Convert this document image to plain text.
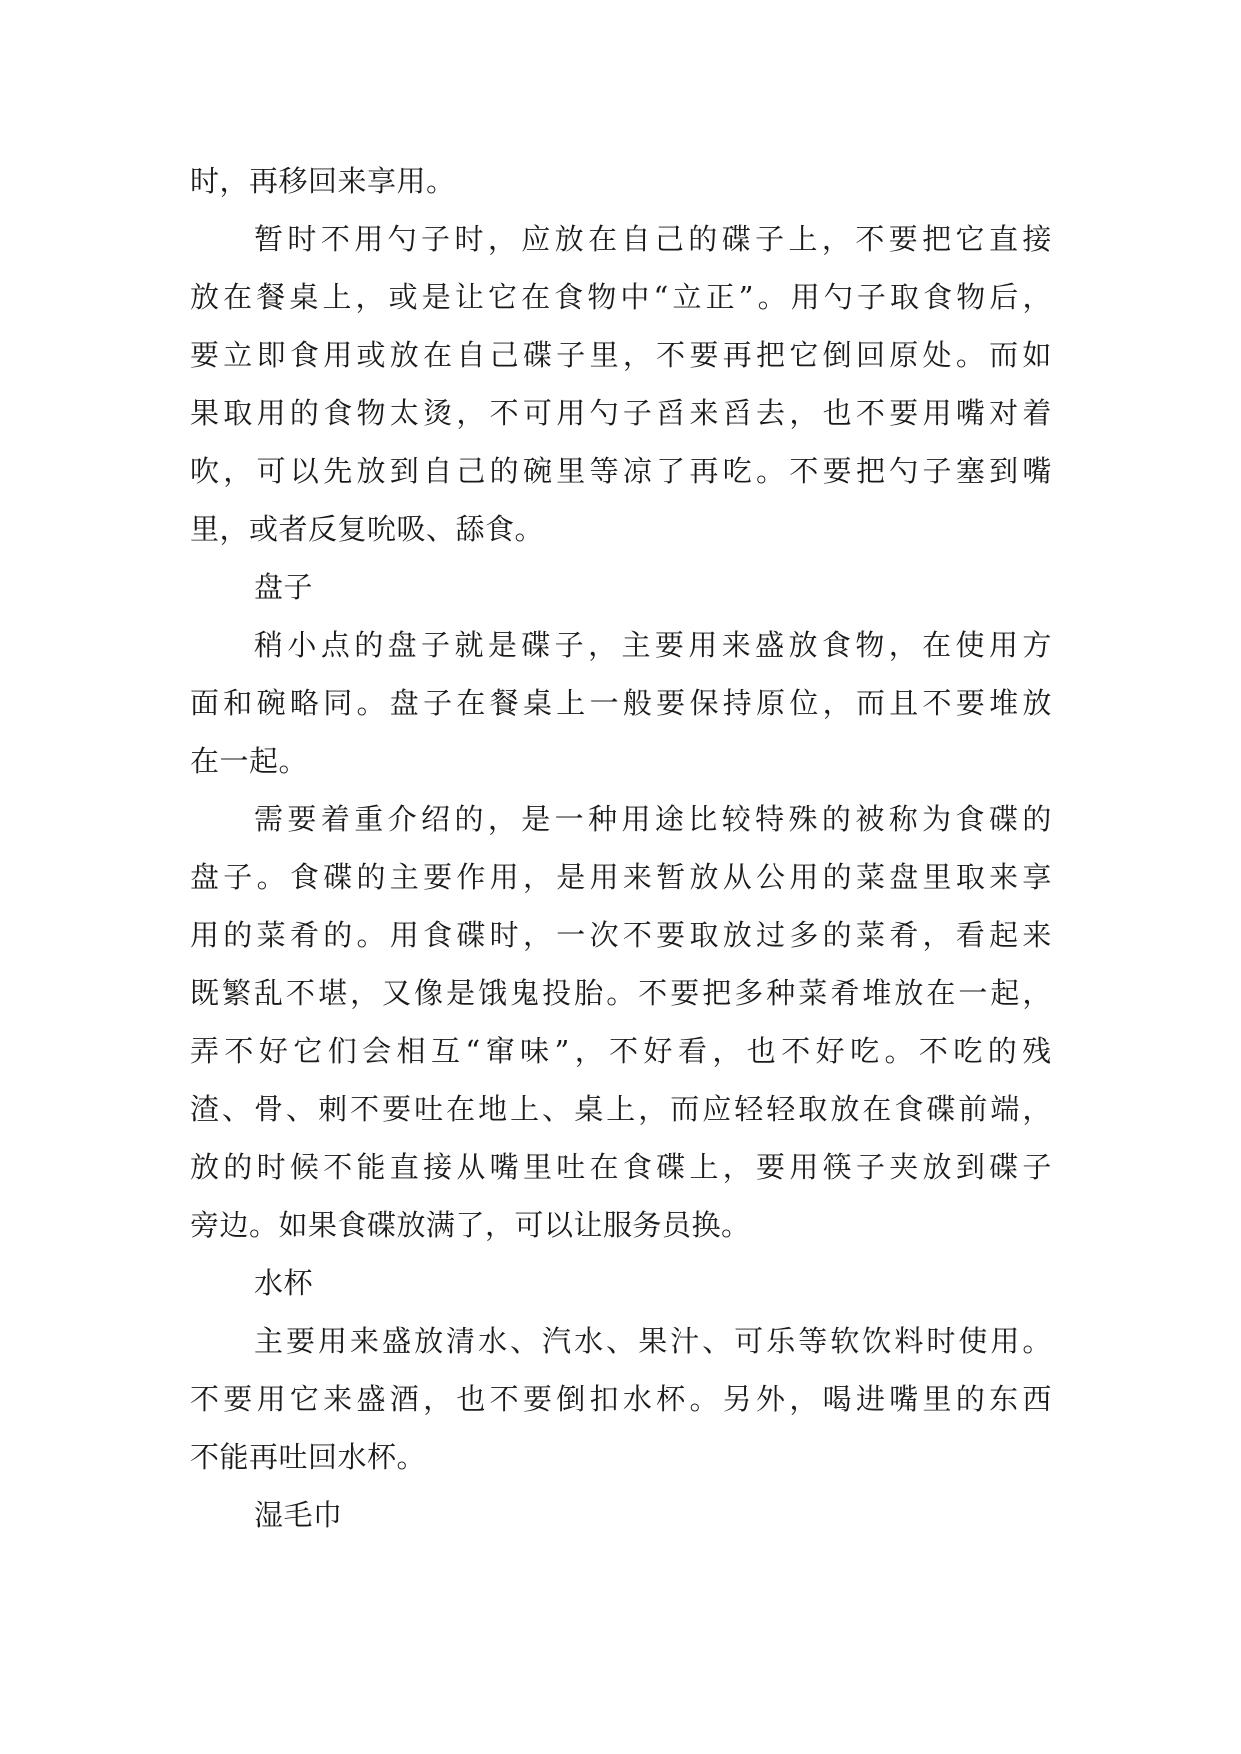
时，再移回来享用。
暂 时 不 用 勺 子 时 ， 应 放 在 自 己 的 碟 子 上 ， 不 要 把 它 直 接
放 在 餐 桌 上 ， 或 是 让 它 在 食 物 中 “ 立 正 ” 。 用 勺 子 取 食 物 后 ，
要 立 即 食 用 或 放 在 自 己 碟 子 里 ， 不 要 再 把 它 倒 回 原 处 。 而 如
果 取 用 的 食 物 太 烫 ， 不 可 用 勺 子 舀 来 舀 去 ， 也 不 要 用 嘴 对 着
吹 ， 可 以 先 放 到 自 己 的 碗 里 等 凉 了 再 吃 。 不 要 把 勺 子 塞 到 嘴
里，或者反复吮吸、舔食。
盘子
稍 小 点 的 盘 子 就 是 碟 子 ， 主 要 用 来 盛 放 食 物 ， 在 使 用 方
面 和 碗 略 同 。 盘 子 在 餐 桌 上 一 般 要 保 持 原 位 ， 而 且 不 要 堆 放
在一起。
需 要 着 重 介 绍 的 ， 是 一 种 用 途 比 较 特 殊 的 被 称 为 食 碟 的
盘 子 。 食 碟 的 主 要 作 用 ， 是 用 来 暂 放 从 公 用 的 菜 盘 里 取 来 享
用 的 菜 肴 的 。 用 食 碟 时 ， 一 次 不 要 取 放 过 多 的 菜 肴 ， 看 起 来
既 繁 乱 不 堪 ， 又 像 是 饿 鬼 投 胎 。 不 要 把 多 种 菜 肴 堆 放 在 一 起 ，
弄 不 好 它 们 会 相 互 “ 窜 味 ” ， 不 好 看 ， 也 不 好 吃 。 不 吃 的 残
渣 、 骨 、 刺 不 要 吐 在 地 上 、 桌 上 ， 而 应 轻 轻 取 放 在 食 碟 前 端 ，
放 的 时 候 不 能 直 接 从 嘴 里 吐 在 食 碟 上 ， 要 用 筷 子 夹 放 到 碟 子
旁边。如果食碟放满了，可以让服务员换。
水杯
主 要 用 来 盛 放 清 水 、 汽 水 、 果 汁 、 可 乐 等 软 饮 料 时 使 用 。
不 要 用 它 来 盛 酒 ， 也 不 要 倒 扣 水 杯 。 另 外 ， 喝 进 嘴 里 的 东 西
不能再吐回水杯。
湿毛巾
